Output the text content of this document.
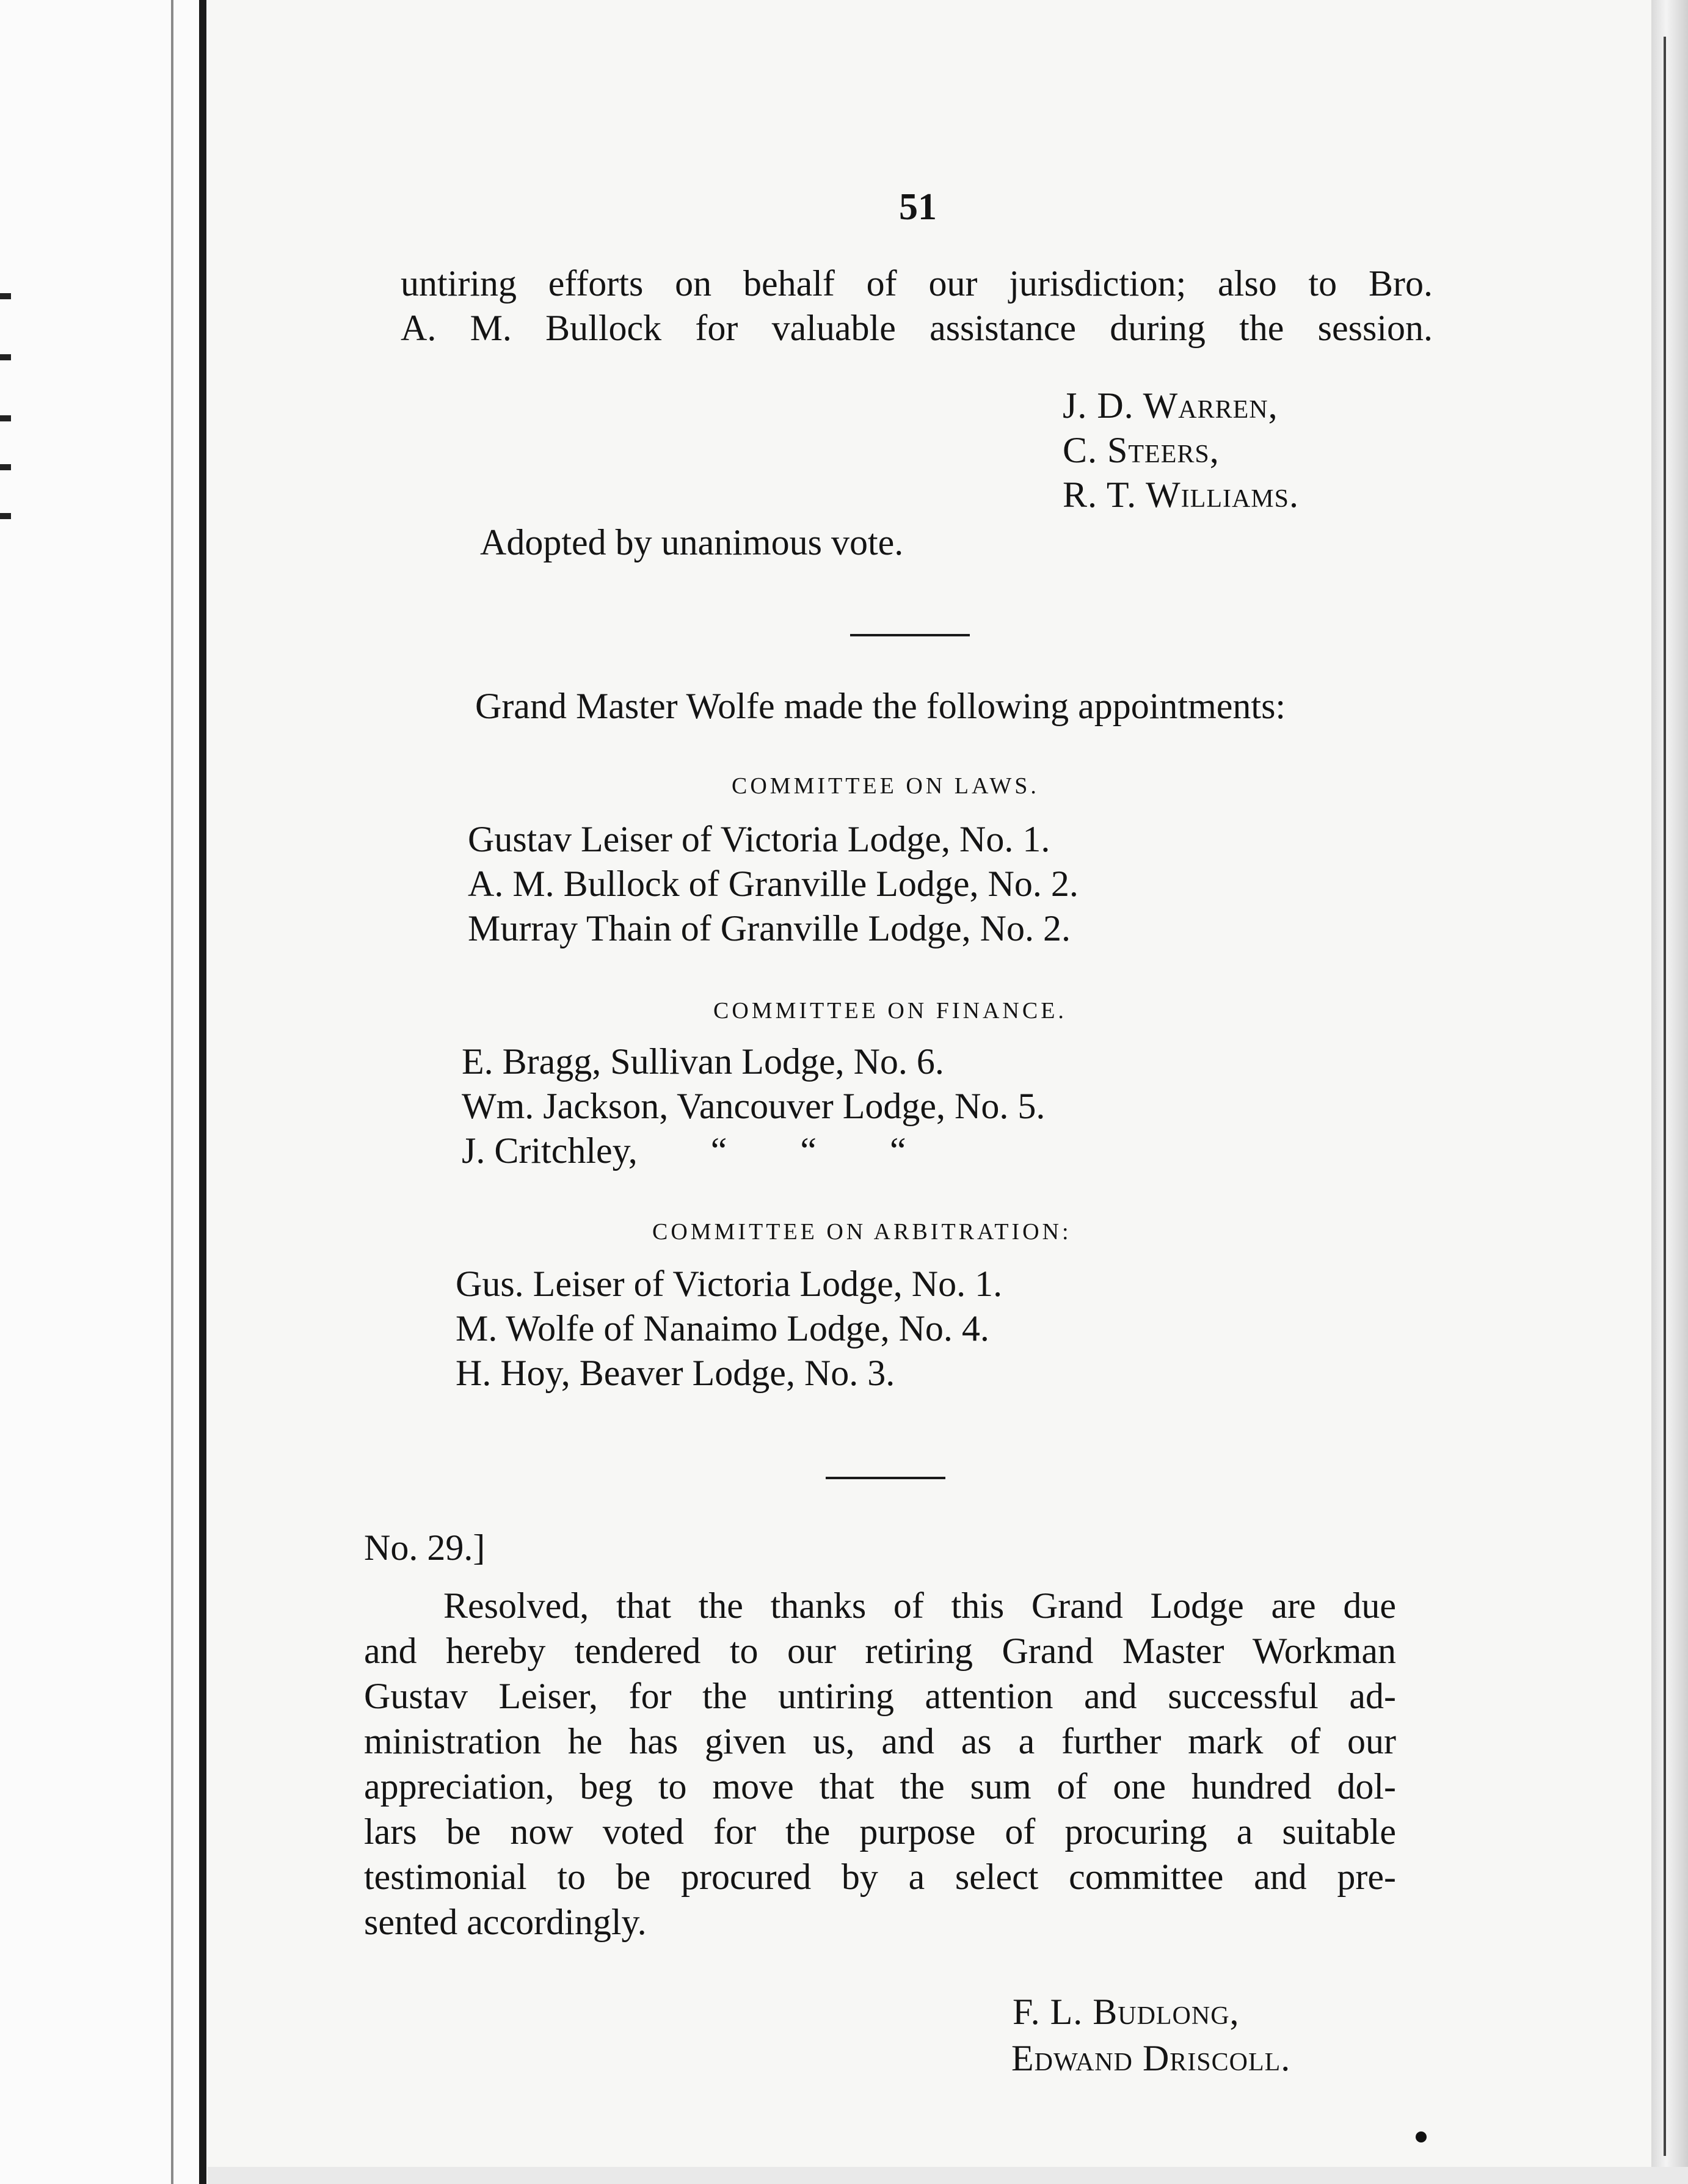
51
untiring efforts on behalf of our jurisdiction; also to Bro.
A. M. Bullock for valuable assistance during the session.
J. D. Warren,
C. Steers,
R. T. Williams.
Adopted by unanimous vote.
Grand Master Wolfe made the following appointments:
COMMITTEE ON LAWS.
Gustav Leiser of Victoria Lodge, No. 1.
A. M. Bullock of Granville Lodge, No. 2.
Murray Thain of Granville Lodge, No. 2.
COMMITTEE ON FINANCE.
E. Bragg, Sullivan Lodge, No. 6.
Wm. Jackson, Vancouver Lodge, No. 5.
J. Critchley,        “        “        “
COMMITTEE ON ARBITRATION:
Gus. Leiser of Victoria Lodge, No. 1.
M. Wolfe of Nanaimo Lodge, No. 4.
H. Hoy, Beaver Lodge, No. 3.
No. 29.]
Resolved, that the thanks of this Grand Lodge are due
and hereby tendered to our retiring Grand Master Workman
Gustav Leiser, for the untiring attention and successful ad-
ministration he has given us, and as a further mark of our
appreciation, beg to move that the sum of one hundred dol-
lars be now voted for the purpose of procuring a suitable
testimonial to be procured by a select committee and pre-
sented accordingly.
F. L. Budlong,
Edwand Driscoll.
